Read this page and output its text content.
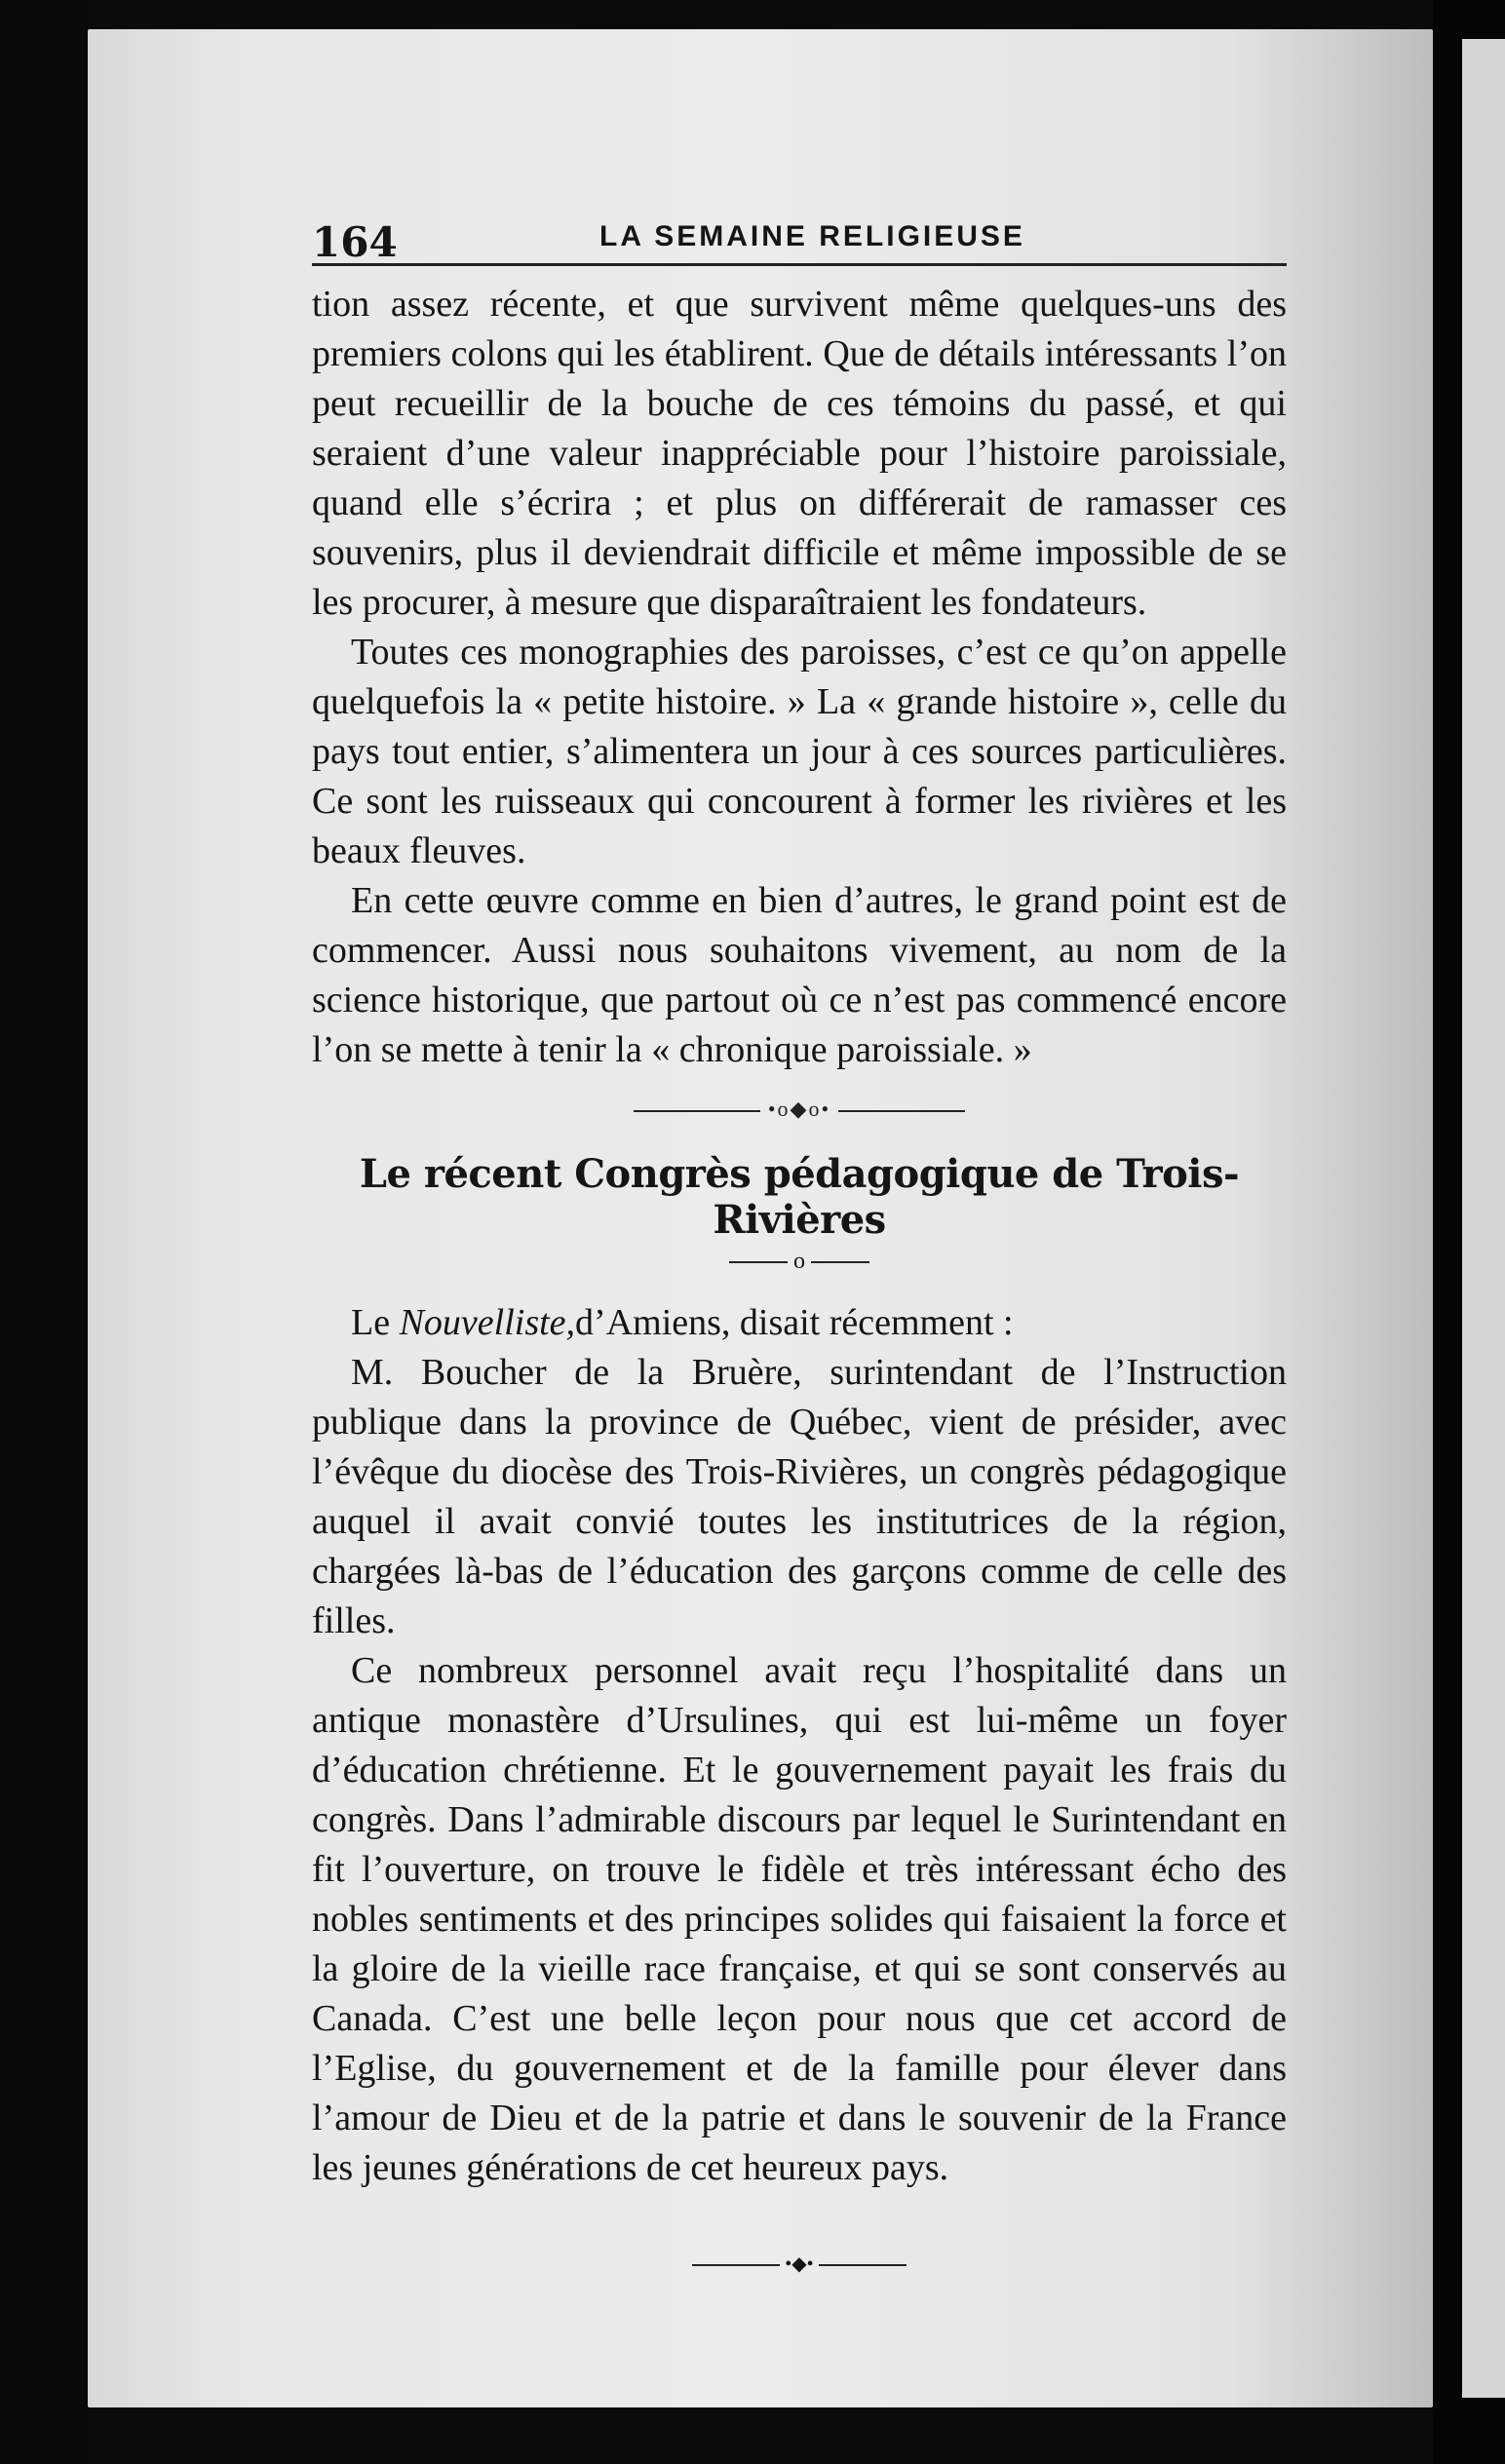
164	LA SEMAINE RELIGIEUSE

tion assez récente, et que survivent même quelques-uns des premiers colons qui les établirent. Que de détails intéressants l’on peut recueillir de la bouche de ces témoins du passé, et qui seraient d’une valeur inappréciable pour l’histoire paroissiale, quand elle s’écrira ; et plus on différerait de ramasser ces souvenirs, plus il deviendrait difficile et même impossible de se les procurer, à mesure que disparaîtraient les fondateurs.

Toutes ces monographies des paroisses, c’est ce qu’on appelle quelquefois la « petite histoire. » La « grande histoire », celle du pays tout entier, s’alimentera un jour à ces sources particulières. Ce sont les ruisseaux qui concourent à former les rivières et les beaux fleuves.

En cette œuvre comme en bien d’autres, le grand point est de commencer. Aussi nous souhaitons vivement, au nom de la science historique, que partout où ce n’est pas commencé encore l’on se mette à tenir la « chronique paroissiale. »

•o◆o•
Le récent Congrès pédagogique de Trois-Rivières
o

Le Nouvelliste,d’Amiens, disait récemment :

M. Boucher de la Bruère, surintendant de l’Instruction publique dans la province de Québec, vient de présider, avec l’évêque du diocèse des Trois-Rivières, un congrès pédagogique auquel il avait convié toutes les institutrices de la région, chargées là-bas de l’éducation des garçons comme de celle des filles.

Ce nombreux personnel avait reçu l’hospitalité dans un antique monastère d’Ursulines, qui est lui-même un foyer d’éducation chrétienne. Et le gouvernement payait les frais du congrès. Dans l’admirable discours par lequel le Surintendant en fit l’ouverture, on trouve le fidèle et très intéressant écho des nobles sentiments et des principes solides qui faisaient la force et la gloire de la vieille race française, et qui se sont conservés au Canada. C’est une belle leçon pour nous que cet accord de l’Eglise, du gouvernement et de la famille pour élever dans l’amour de Dieu et de la patrie et dans le souvenir de la France les jeunes générations de cet heureux pays.

•◆•
